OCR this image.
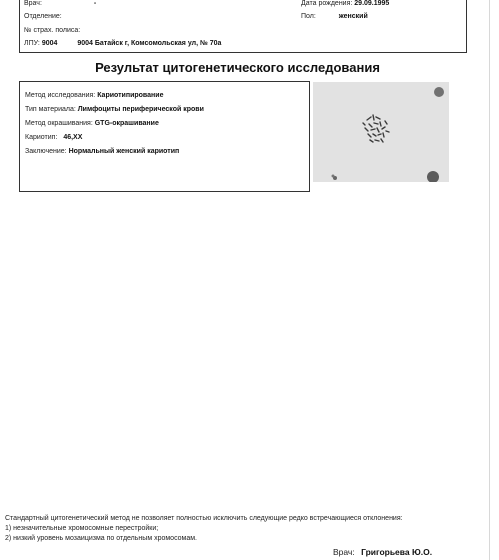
Врач:	-
Отделение:
№ страх. полиса:
ЛПУ: 9004	9004 Батайск г, Комсомольская ул, № 70а
Дата рождения: 29.09.1995
Пол:	женский
Результат цитогенетического исследования
Метод исследования: Кариотипирование
Тип материала: Лимфоциты периферической крови
Метод окрашивания: GTG-окрашивание
Кариотип: 46,XX
Заключение: Нормальный женский кариотип
Стандартный цитогенетический метод не позволяет полностью исключить следующие редко встречающиеся отклонения:
1) незначительные хромосомные перестройки;
2) низкий уровень мозаицизма по отдельным хромосомам.
Врач: Григорьева Ю.О.
